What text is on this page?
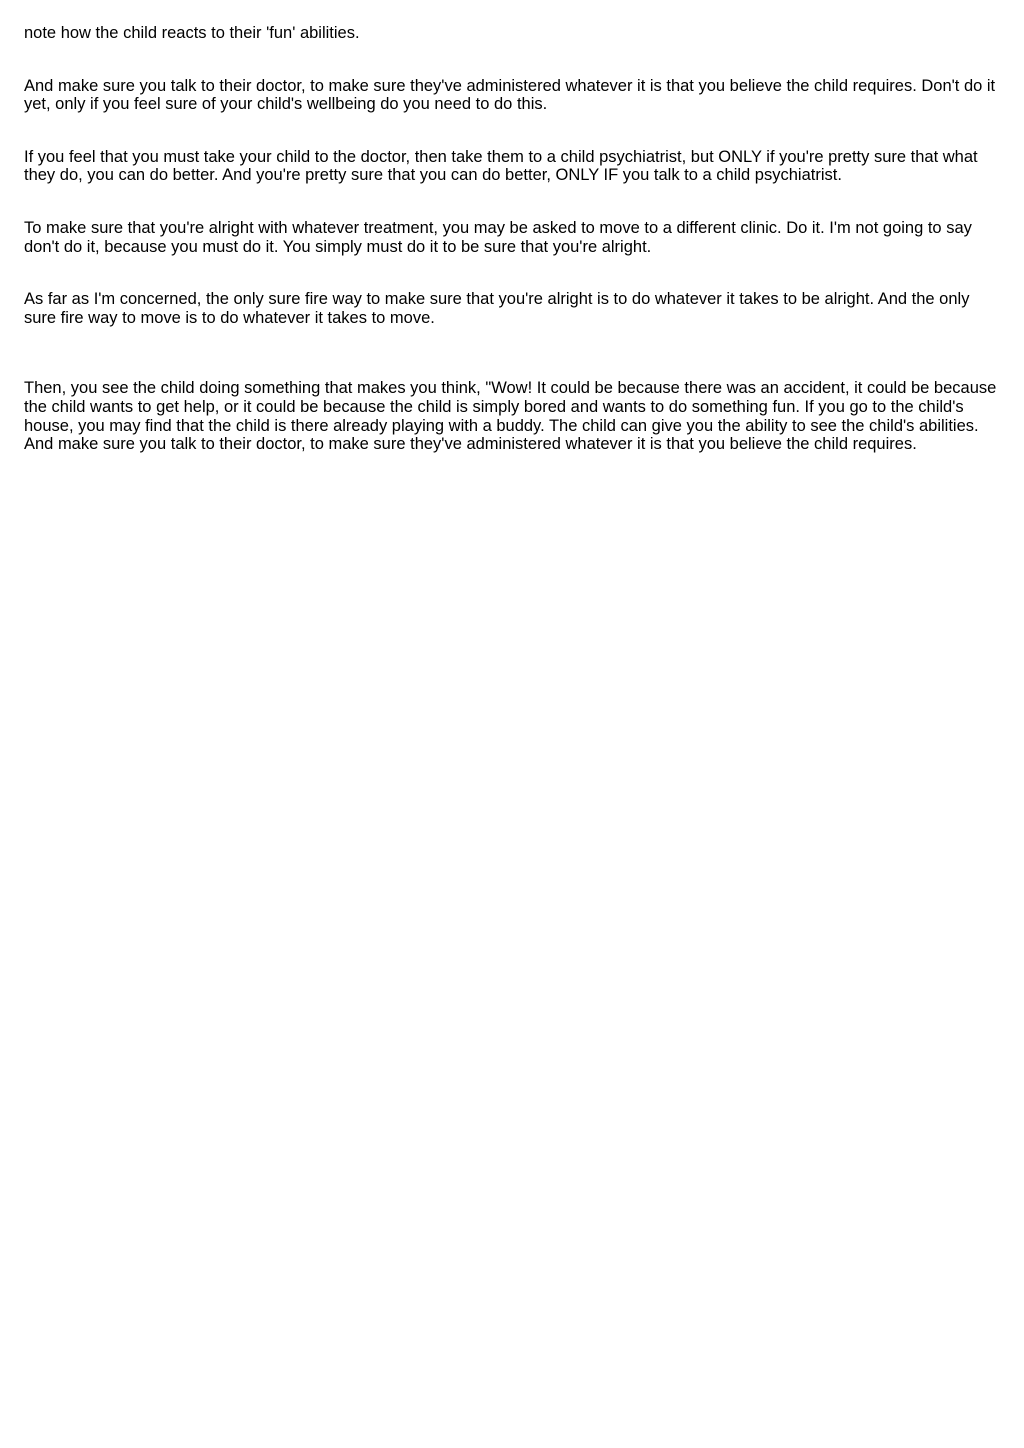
note how the child reacts to their 'fun' abilities.

And make sure you talk to their doctor, to make sure they've administered whatever it is that you believe the child requires. Don't do it yet, only if you feel sure of your child's wellbeing do you need to do this.

If you feel that you must take your child to the doctor, then take them to a child psychiatrist, but ONLY if you're pretty sure that what they do, you can do better. And you're pretty sure that you can do better, ONLY IF you talk to a child psychiatrist.

To make sure that you're alright with whatever treatment, you may be asked to move to a different clinic. Do it. I'm not going to say don't do it, because you must do it. You simply must do it to be sure that you're alright.

As far as I'm concerned, the only sure fire way to make sure that you're alright is to do whatever it takes to be alright. And the only sure fire way to move is to do whatever it takes to move.

Then, you see the child doing something that makes you think, "Wow! It could be because there was an accident, it could be because the child wants to get help, or it could be because the child is simply bored and wants to do something fun. If you go to the child's house, you may find that the child is there already playing with a buddy. The child can give you the ability to see the child's abilities. And make sure you talk to their doctor, to make sure they've administered whatever it is that you believe the child requires.
